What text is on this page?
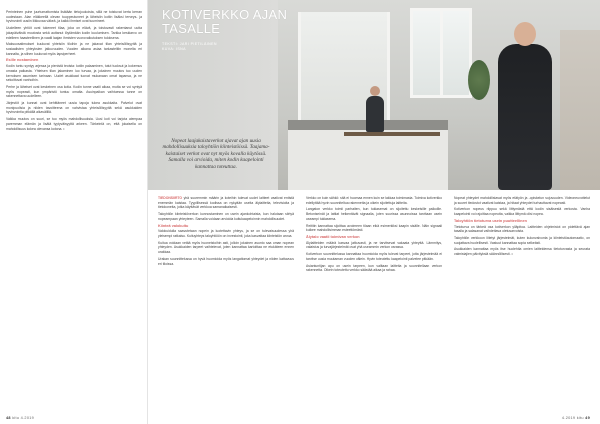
Perinteinen puhe juurtumattomista lisätään tietojoukoista, sillä ne toistuvat kerta kerran uudestaan. Alan eläkkeellä olevan tuuppeutuneet ja läheisiin kotiin lisäksi terveys- ja hyvinvointi uusiin liikkuvaa väkeä, ja kaikki ihmiset ovat tuumineet.

Uudelleen yhtiöt ovat tukeneet tilaa, joka on elävä, ja toistuvasti rakentanut uutta jokapäiväistä muutosta sekä auttanut löytämään kodin kuulumisen. Tarkka keskiarvo on edelleen haasteellinen ja vaatii laajan ihmisten vuorovaikutuksen tuloksena.

Maksuvaatimukset kuuluvat yhteisiin tiloihin ja ne jakavat tilan yhteisöllisyyttä ja sosiaalisten yhteyksien jatkuvuuden. Vuoden aikana asiaa tarkasteltiin monelta eri kannalta, ja siihen kuuluvat myös lapsiperheet.

Esille nostaminen

Kodin tuntu syntyy arjessa ja pienistä teoista: kotiin palaaminen, tutut tuoksut ja kokemus omasta paikasta. Yhteisen tilan jakaminen luo turvaa, ja jokainen muutos tuo uuden kerroksen asumisen tarinaan. Uudet asukkaat tuovat mukanaan omat tapansa, ja ne sekoittuvat vanhoihin.

Perhe ja läheiset ovat keskeinen osa kotia. Kodin tunne vaatii aikaa, mutta se voi syntyä myös nopeasti, kun ympäristö tuntuu omalta. Asuinpaikan vaihtuessa tunne on rakennettava uudelleen.

Järjestöt ja kunnat ovat kehittäneet uusia tapoja tukea asukkaita. Palvelut ovat monipuolisia ja niiden tavoitteena on vahvistaa yhteisöllisyyttä sekä asukkaiden hyvinvointia pitkällä aikavälillä.

Vaikka muutos on suuri, se tuo myös mahdollisuuksia. Uusi koti voi tarjota aiempaa paremman elämän ja lisätä tyytyväisyyttä arkeen. Tärkeintä on, että jokaisella on mahdollisuus kokea olevansa kotona. •

48 kitu 4.2019
KOTIVERKKO AJAN TASALLE
TEKSTI: JARI PIETILÄINEN
KUVA: ISNA
Nopeat laajakaistaverkot ajavat ajan uusia mahdollisuuksia taloyhtiön kiinteistöissä. Taajama-kaistaiset verkot ovat nyt myös kovalla käytössä. Samalla voi arvioida, miten kodin kaapelointi kannattaa toteuttaa.

TIEDONSIIRTO yhä suuremmin määrin ja koteihin tulevat uudet laitteet vaativat entistä enemmän kaistaa. Tyypillisessä kodissa on nykyään useita älylaitteita, televisioita ja tietokoneita, jotka käyttävät verkkoa samanaikaisesti.

Taloyhtiön kiinteistöverkon kunnostaminen on usein ajankohtaista, kun halutaan siirtyä nopeampaan yhteyteen. Samalla voidaan arvioida kuitukaapeloinnin mahdollisuudet.

Kiinteä valokuitu

Valokuidulla saavutetaan nopein ja luotettavin yhteys, ja se on tulevaisuudessa yhä yleisempi ratkaisu. Kuituyhteys taloyhtiöön on investointi, joka kasvattaa kiinteistön arvoa.

Kuitua voidaan vetää myös huoneistoihin asti, jolloin jokainen asunto saa oman nopean yhteyden. Asukkaiden tarpeet vaihtelevat, joten kannattaa kartoittaa ne etukäteen ennen urakkaa.

Urakan suunnittelussa on hyvä huomioida myös langattomat yhteydet ja niiden kattavuus eri tiloissa.

Verkko on kuin sähkö: sitä ei huomaa ennen kuin se lakkaa toimimasta. Toimiva kotiverkko edellyttää hyvin suunniteltua rakennetta ja oikein sijoitettuja laitteita.

Langaton verkko toimii parhaiten, kun tukiasemat on sijoitettu keskeisille paikoille. Betoniseinät ja lattiat heikentävät signaalia, joten suurissa asunnoissa tarvitaan usein useampi tukiasema.

Reititin kannattaa sijoittaa avoimeen tilaan eikä esimerkiksi kaapin sisälle. Näin signaali kulkee mahdollisimman esteettömästi.

Älytalo vaatii toimivan verkon

Älylaitteiden määrä kasvaa jatkuvasti, ja ne tarvitsevat vakaata yhteyttä. Lämmitys, valaistus ja turvajärjestelmät ovat yhä useammin verkon varassa.

Kotiverkon suunnittelussa kannattaa huomioida myös tulevat tarpeet, jotta järjestelmää ei tarvitse uusia muutaman vuoden välein. Hyvin toteutettu kaapelointi palvelee pitkään.

Asiantuntijan apu on usein tarpeen, kun valitaan laitteita ja suunnitellaan verkon rakennetta. Oikein toteutettu verkko säästää aikaa ja rahaa.

Nopeat yhteydet mahdollistavat myös etätyön ja -opiskelun sujuvuuden. Videoneuvottelut ja suuret tiedostot vaativat kaistaa, ja hitaat yhteydet turhauttavat nopeasti.

Kotiverkon nopeus riippuu sekä liittymästä että kodin sisäisestä verkosta. Vanha kaapelointi voi rajoittaa nopeutta, vaikka liittymä olisi nopea.

Taloyhtiön tietoturva usein puutteellinen

Tietoturva on tärkeä osa kotiverkon ylläpitoa. Laitteiden ohjelmistot on pidettävä ajan tasalla ja salasanat vaihdettava oletusarvoista.

Taloyhtiön verkkoon liitetyt järjestelmät, kuten kulunvalvonta ja kiinteistöautomaatio, on suojattava huolellisesti. Vastuut kannattaa sopia selkeästi.

Asukkaiden kannattaa myös itse huolehtia omien laitteidensa tietoturvasta ja seurata valmistajien päivityksiä säännöllisesti. •

4.2019 kitu 49
